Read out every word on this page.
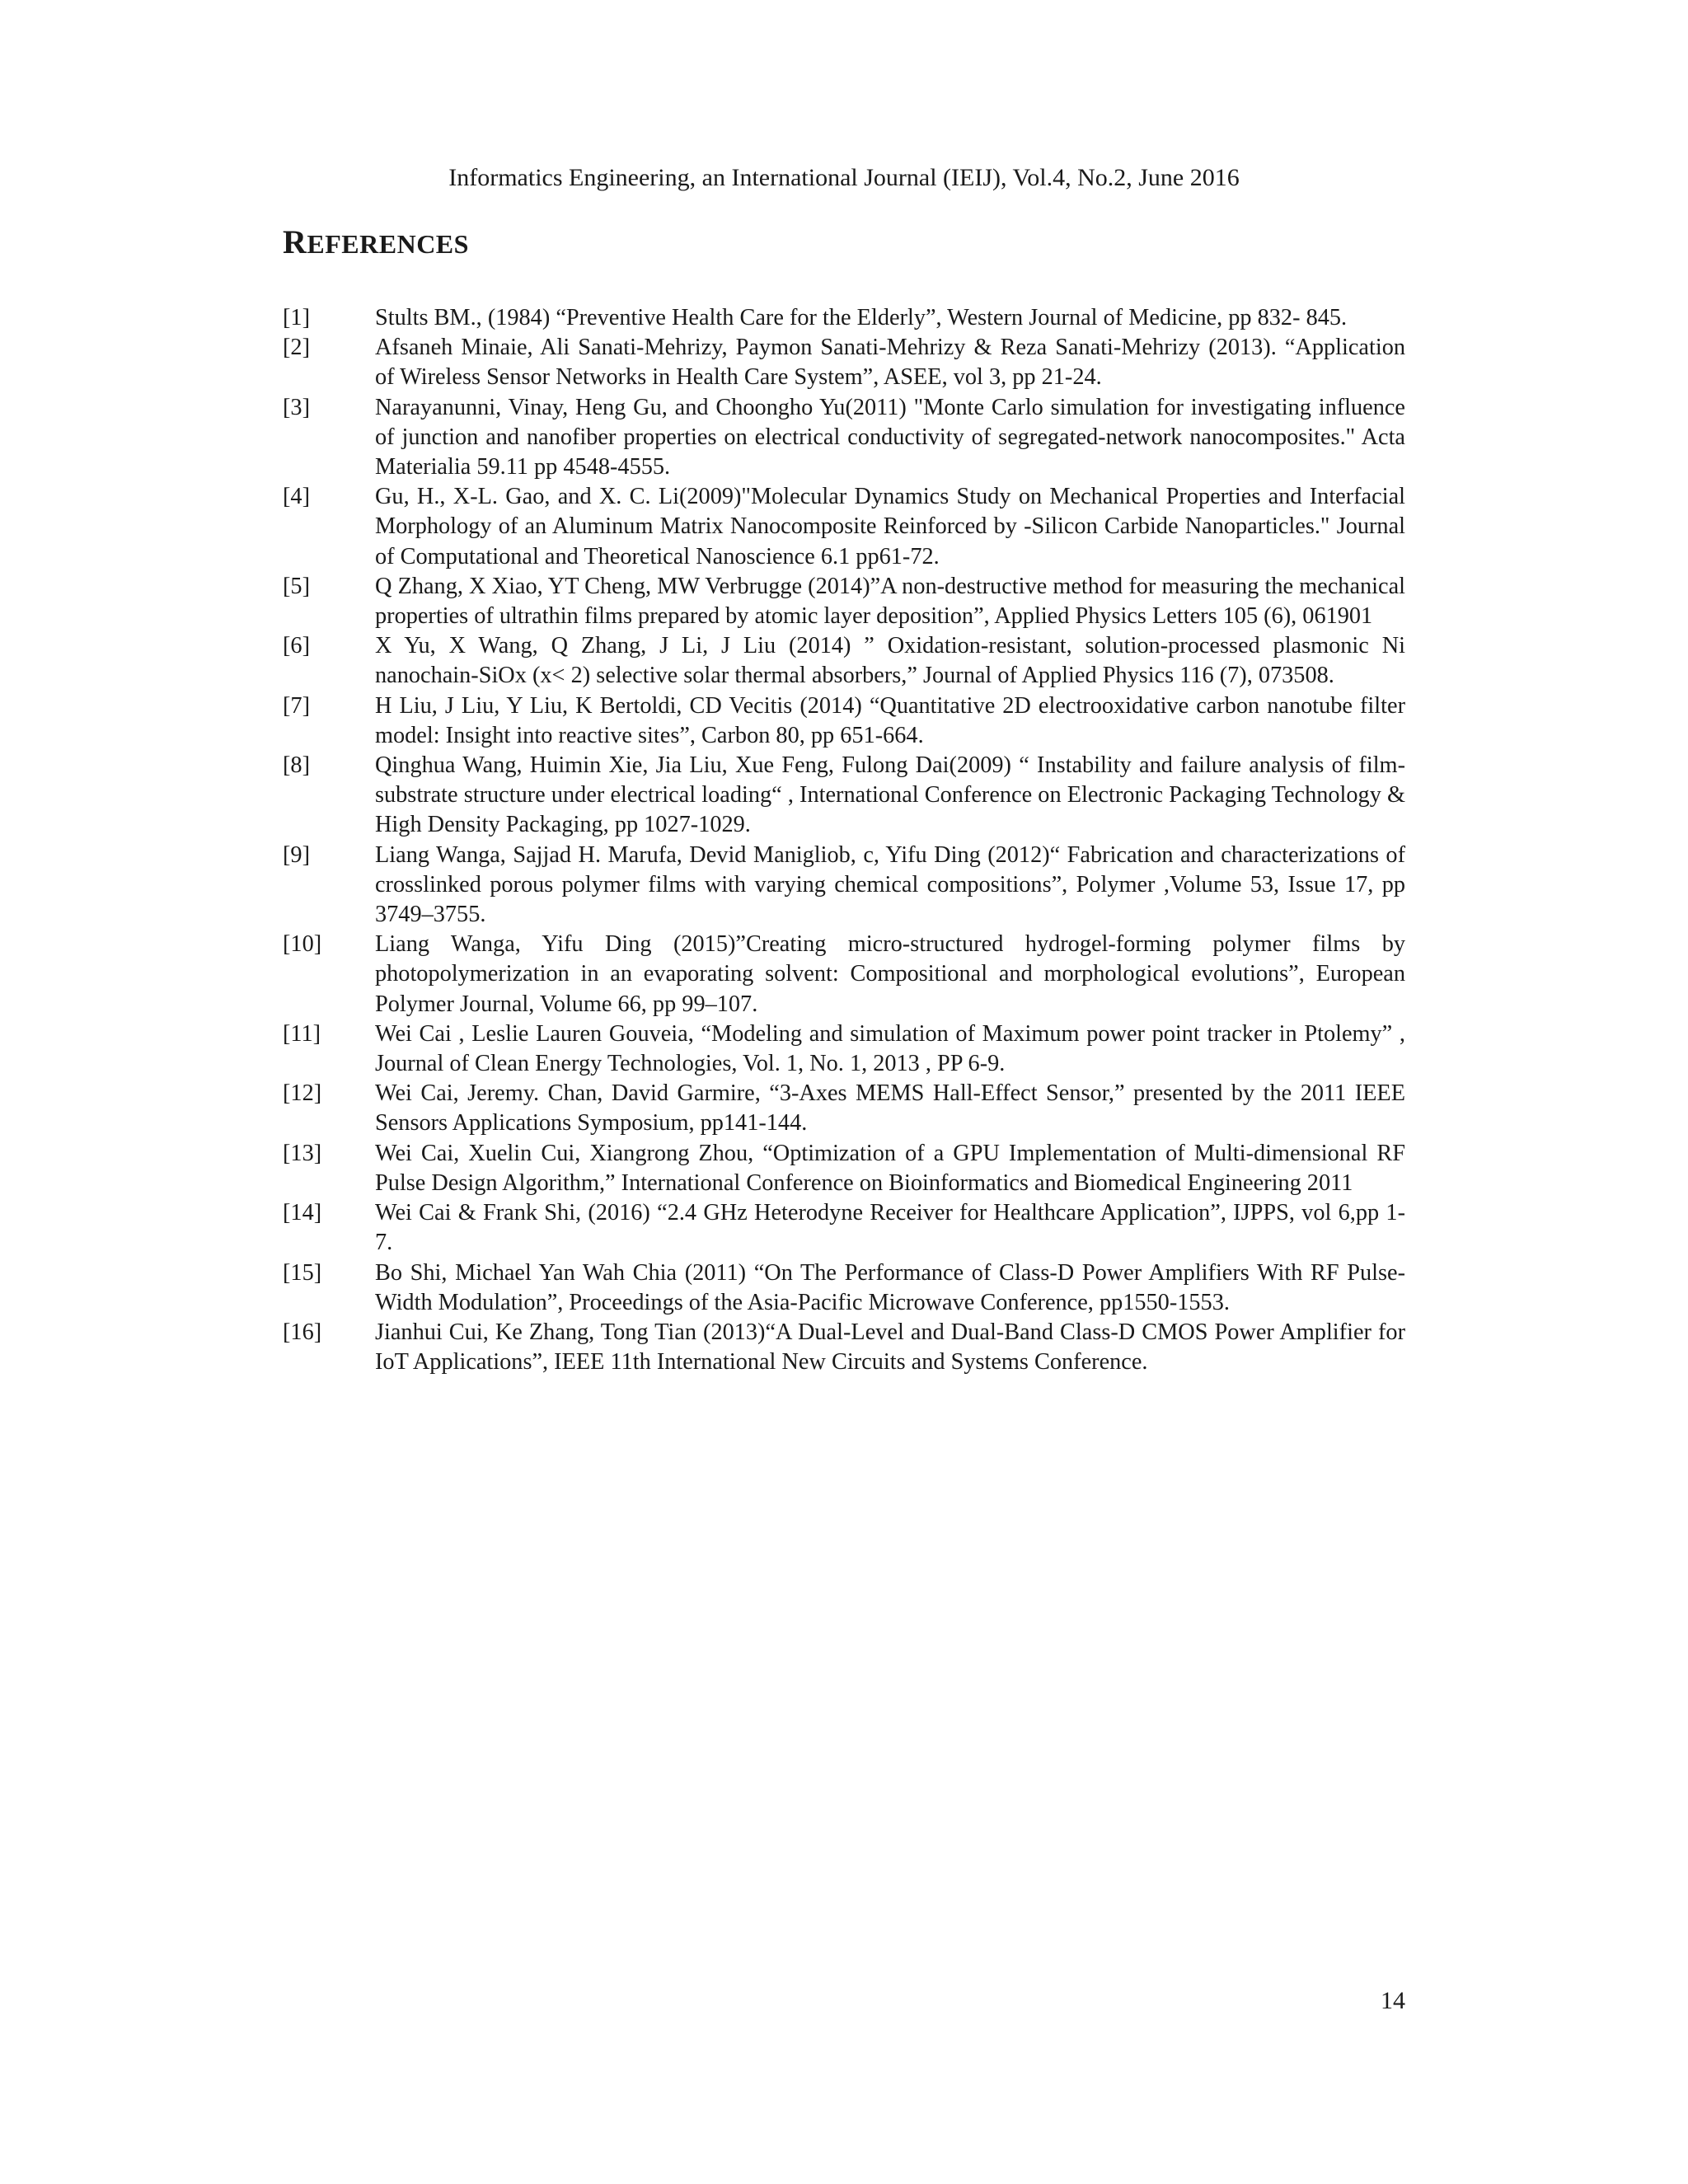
Informatics Engineering, an International Journal (IEIJ), Vol.4, No.2, June 2016
REFERENCES
[1]	Stults BM., (1984) “Preventive Health Care for the Elderly”, Western Journal of Medicine, pp 832- 845.
[2]	Afsaneh Minaie, Ali Sanati-Mehrizy, Paymon Sanati-Mehrizy & Reza Sanati-Mehrizy (2013). “Application of Wireless Sensor Networks in Health Care System”, ASEE, vol 3, pp 21-24.
[3]	Narayanunni, Vinay, Heng Gu, and Choongho Yu(2011) "Monte Carlo simulation for investigating influence of junction and nanofiber properties on electrical conductivity of segregated-network nanocomposites." Acta Materialia 59.11 pp 4548-4555.
[4]	Gu, H., X-L. Gao, and X. C. Li(2009)"Molecular Dynamics Study on Mechanical Properties and Interfacial Morphology of an Aluminum Matrix Nanocomposite Reinforced by -Silicon Carbide Nanoparticles." Journal of Computational and Theoretical Nanoscience 6.1 pp61-72.
[5]	Q Zhang, X Xiao, YT Cheng, MW Verbrugge (2014)”A non-destructive method for measuring the mechanical properties of ultrathin films prepared by atomic layer deposition”, Applied Physics Letters 105 (6), 061901
[6]	X Yu, X Wang, Q Zhang, J Li, J Liu (2014) ” Oxidation-resistant, solution-processed plasmonic Ni nanochain-SiOx (x< 2) selective solar thermal absorbers,” Journal of Applied Physics 116 (7), 073508.
[7]	H Liu, J Liu, Y Liu, K Bertoldi, CD Vecitis (2014) “Quantitative 2D electrooxidative carbon nanotube filter model: Insight into reactive sites”, Carbon 80, pp 651-664.
[8]	Qinghua Wang, Huimin Xie, Jia Liu, Xue Feng, Fulong Dai(2009) “ Instability and failure analysis of film-substrate structure under electrical loading“ , International Conference on Electronic Packaging Technology & High Density Packaging, pp 1027-1029.
[9]	Liang Wanga, Sajjad H. Marufa, Devid Manigliob, c, Yifu Ding (2012)“ Fabrication and characterizations of crosslinked porous polymer films with varying chemical compositions”, Polymer ,Volume 53, Issue 17, pp 3749–3755.
[10]	Liang Wanga, Yifu Ding (2015)”Creating micro-structured hydrogel-forming polymer films by photopolymerization in an evaporating solvent: Compositional and morphological evolutions”, European Polymer Journal, Volume 66, pp 99–107.
[11]	Wei Cai , Leslie Lauren Gouveia, “Modeling and simulation of Maximum power point tracker in Ptolemy” , Journal of Clean Energy Technologies, Vol. 1, No. 1, 2013 , PP 6-9.
[12]	Wei Cai, Jeremy. Chan, David Garmire, “3-Axes MEMS Hall-Effect Sensor,” presented by the 2011 IEEE Sensors Applications Symposium, pp141-144.
[13]	Wei Cai, Xuelin Cui, Xiangrong Zhou, “Optimization of a GPU Implementation of Multi-dimensional RF Pulse Design Algorithm,” International Conference on Bioinformatics and Biomedical Engineering 2011
[14]	Wei Cai & Frank Shi, (2016) “2.4 GHz Heterodyne Receiver for Healthcare Application”, IJPPS, vol 6,pp 1-7.
[15]	Bo Shi, Michael Yan Wah Chia (2011) “On The Performance of Class-D Power Amplifiers With RF Pulse-Width Modulation”, Proceedings of the Asia-Pacific Microwave Conference, pp1550-1553.
[16]	Jianhui Cui, Ke Zhang, Tong Tian (2013)“A Dual-Level and Dual-Band Class-D CMOS Power Amplifier for IoT Applications”, IEEE 11th International New Circuits and Systems Conference.
14
